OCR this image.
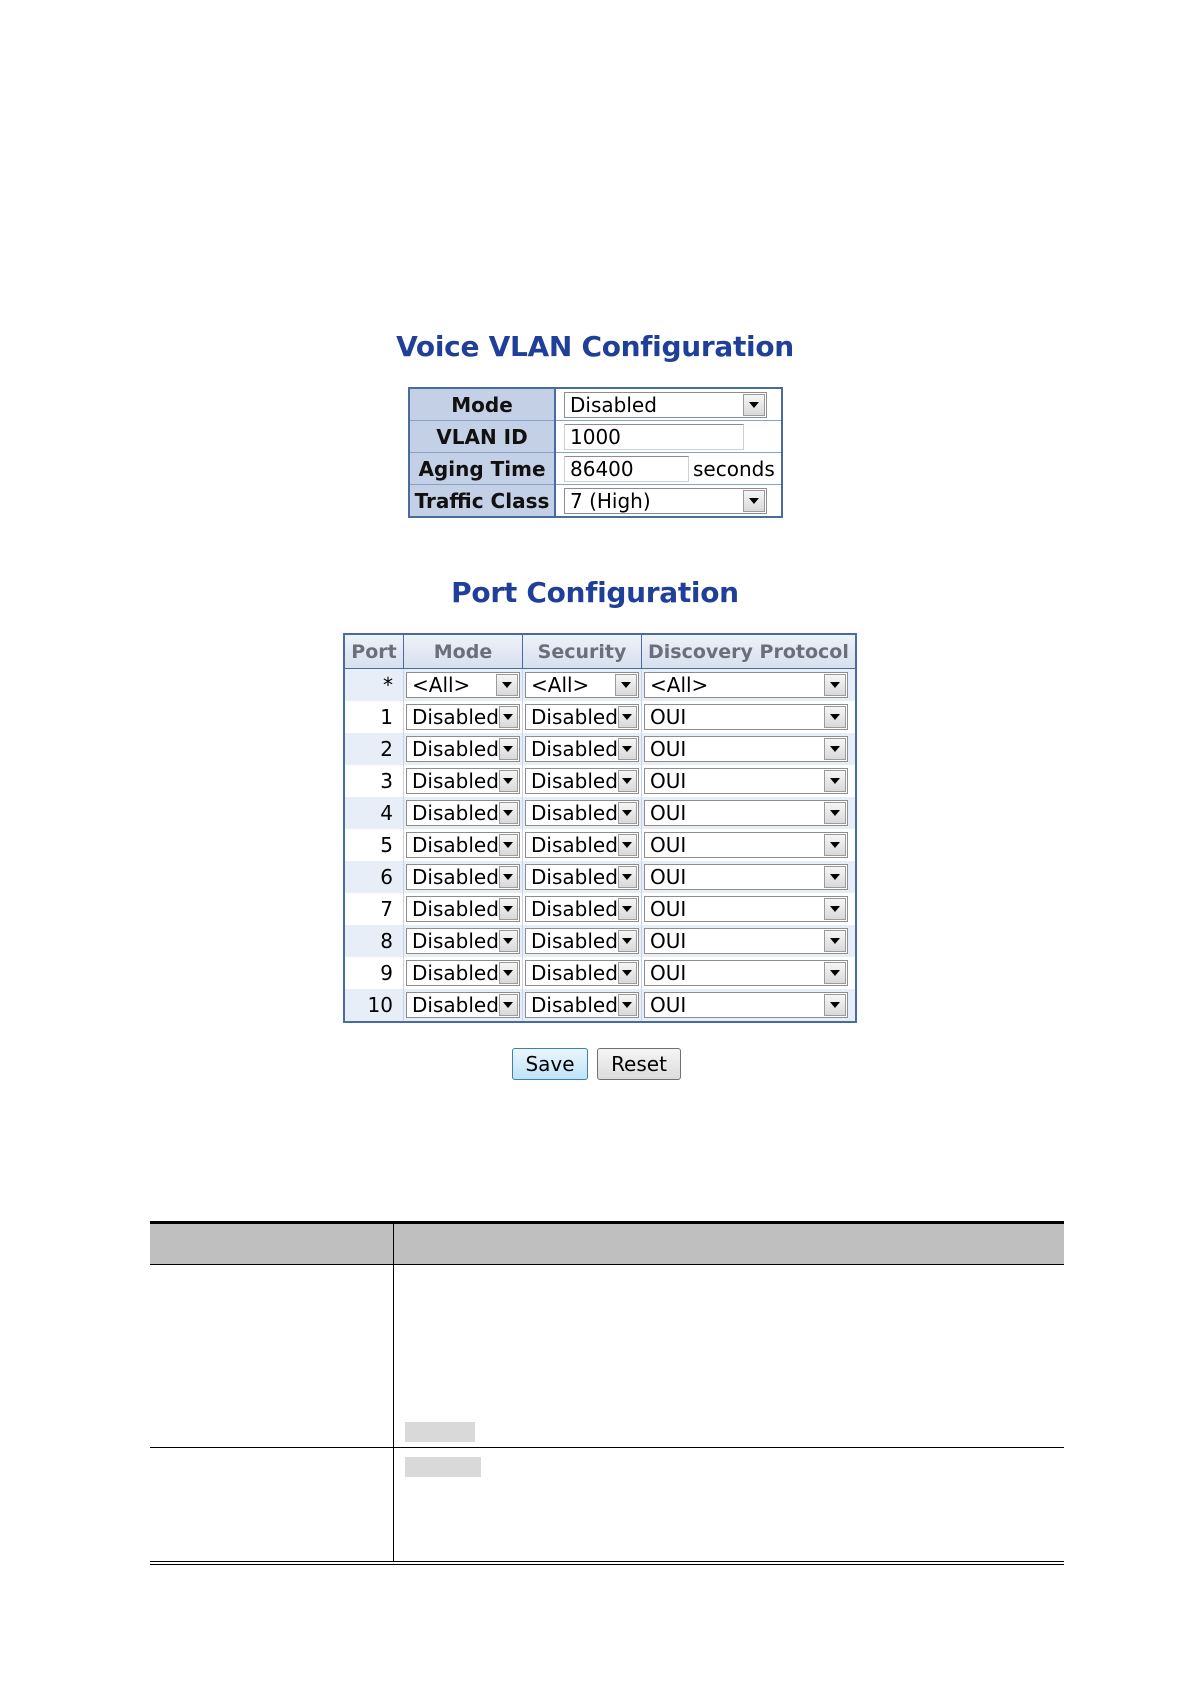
Voice VLAN Configuration
Mode	Disabled

VLAN ID	1000
Aging Time	86400 seconds
Traffic Class	7 (High)
Port Configuration
Port	Mode	Security	Discovery Protocol
*	<All>	<All>	<All>

1	Disabled	Disabled	OUI

2	Disabled	Disabled	OUI

3	Disabled	Disabled	OUI

4	Disabled	Disabled	OUI

5	Disabled	Disabled	OUI

6	Disabled	Disabled	OUI

7	Disabled	Disabled	OUI

8	Disabled	Disabled	OUI

9	Disabled	Disabled	OUI

10	Disabled	Disabled	OUI
Save	Reset
